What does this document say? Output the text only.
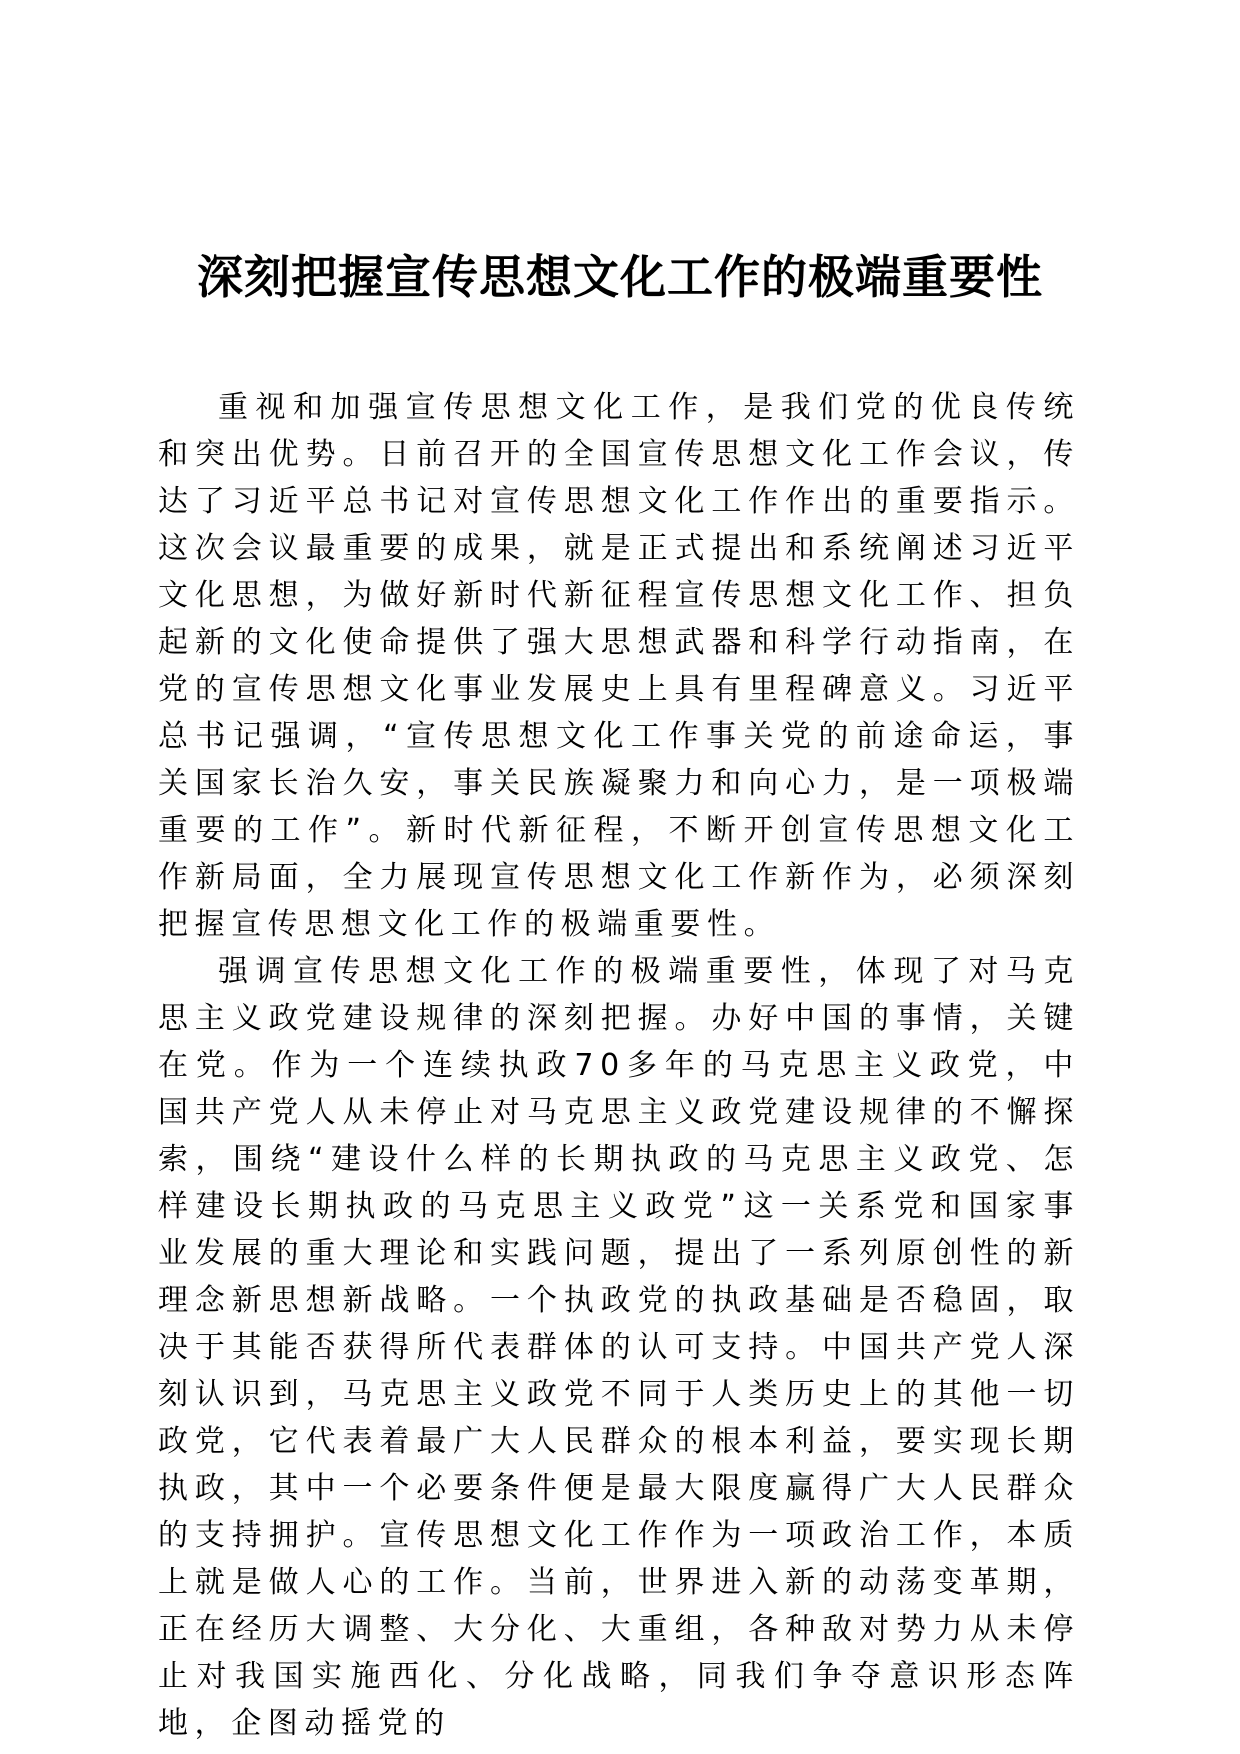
深刻把握宣传思想文化工作的极端重要性

重视和加强宣传思想文化工作，是我们党的优良传统和突出优势。日前召开的全国宣传思想文化工作会议，传达了习近平总书记对宣传思想文化工作作出的重要指示。这次会议最重要的成果，就是正式提出和系统阐述习近平文化思想，为做好新时代新征程宣传思想文化工作、担负起新的文化使命提供了强大思想武器和科学行动指南，在党的宣传思想文化事业发展史上具有里程碑意义。习近平总书记强调，“宣传思想文化工作事关党的前途命运，事关国家长治久安，事关民族凝聚力和向心力，是一项极端重要的工作”。新时代新征程，不断开创宣传思想文化工作新局面，全力展现宣传思想文化工作新作为，必须深刻把握宣传思想文化工作的极端重要性。

强调宣传思想文化工作的极端重要性，体现了对马克思主义政党建设规律的深刻把握。办好中国的事情，关键在党。作为一个连续执政70多年的马克思主义政党，中国共产党人从未停止对马克思主义政党建设规律的不懈探索，围绕“建设什么样的长期执政的马克思主义政党、怎样建设长期执政的马克思主义政党”这一关系党和国家事业发展的重大理论和实践问题，提出了一系列原创性的新理念新思想新战略。一个执政党的执政基础是否稳固，取决于其能否获得所代表群体的认可支持。中国共产党人深刻认识到，马克思主义政党不同于人类历史上的其他一切政党，它代表着最广大人民群众的根本利益，要实现长期执政，其中一个必要条件便是最大限度赢得广大人民群众的支持拥护。宣传思想文化工作作为一项政治工作，本质上就是做人心的工作。当前，世界进入新的动荡变革期，正在经历大调整、大分化、大重组，各种敌对势力从未停止对我国实施西化、分化战略，同我们争夺意识形态阵地，企图动摇党的
